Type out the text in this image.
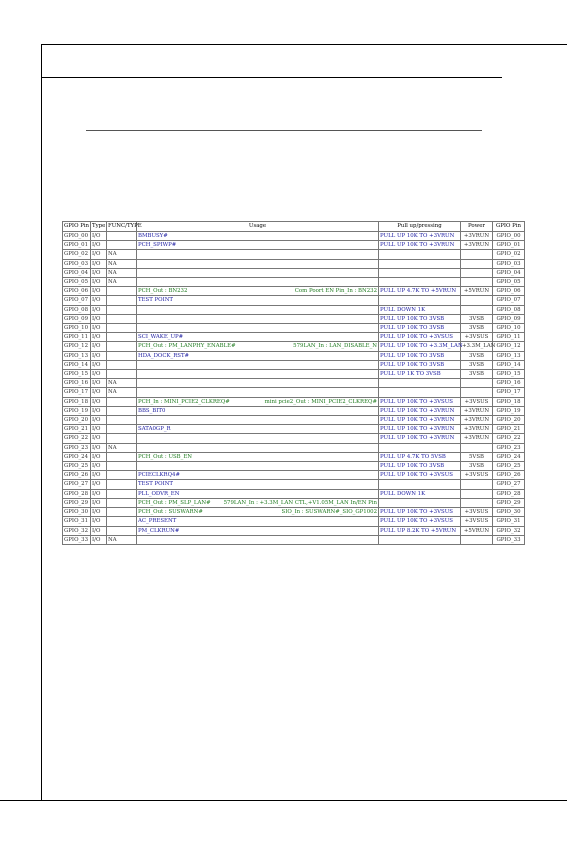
GPIO Pin	Type	FUNC/TYPE	Usage	Pull up/pressing	Power	GPIO Pin
GPIO_00	I/O		BMBUSY#	PULL UP 10K TO +3VRUN	+3VRUN	GPIO_00
GPIO_01	I/O		PCH_SPIWP#	PULL UP 10K TO +3VRUN	+3VRUN	GPIO_01
GPIO_02	I/O	NA				GPIO_02
GPIO_03	I/O	NA				GPIO_03
GPIO_04	I/O	NA				GPIO_04
GPIO_05	I/O	NA				GPIO_05
GPIO_06	I/O		PCH_Out : BN232 Com Poort EN Pin_In : BN232	PULL UP 4.7K TO +5VRUN	+5VRUN	GPIO_06
GPIO_07	I/O		TEST POINT			GPIO_07
GPIO_08	I/O			PULL DOWN 1K		GPIO_08
GPIO_09	I/O			PULL UP 10K TO 3VSB	3VSB	GPIO_09
GPIO_10	I/O			PULL UP 10K TO 3VSB	3VSB	GPIO_10
GPIO_11	I/O		SCI_WAKE_UP#	PULL UP 10K TO +3VSUS	+3VSUS	GPIO_11
GPIO_12	I/O		PCH_Out : PM_LANPHY_ENABLE# 579LAN_In : LAN_DISABLE_N	PULL UP 10K TO +3.3M_LAN	+3.3M_LAN	GPIO_12
GPIO_13	I/O		HDA_DOCK_RST#	PULL UP 10K TO 3VSB	3VSB	GPIO_13
GPIO_14	I/O			PULL UP 10K TO 3VSB	3VSB	GPIO_14
GPIO_15	I/O			PULL UP 1K TO 3VSB	3VSB	GPIO_15
GPIO_16	I/O	NA				GPIO_16
GPIO_17	I/O	NA				GPIO_17
GPIO_18	I/O		PCH_In : MINI_PCIE2_CLKREQ# mini pcie2_Out : MINI_PCIE2_CLKREQ#	PULL UP 10K TO +3VSUS	+3VSUS	GPIO_18
GPIO_19	I/O		BBS_BIT0	PULL UP 10K TO +3VRUN	+3VRUN	GPIO_19
GPIO_20	I/O			PULL UP 10K TO +3VRUN	+3VRUN	GPIO_20
GPIO_21	I/O		SATA0GP_R	PULL UP 10K TO +3VRUN	+3VRUN	GPIO_21
GPIO_22	I/O			PULL UP 10K TO +3VRUN	+3VRUN	GPIO_22
GPIO_23	I/O	NA				GPIO_23
GPIO_24	I/O		PCH_Out : USB_EN	PULL UP 4.7K TO 5VSB	5VSB	GPIO_24
GPIO_25	I/O			PULL UP 10K TO 3VSB	3VSB	GPIO_25
GPIO_26	I/O		PCIECLKRQ4#	PULL UP 10K TO +3VSUS	+3VSUS	GPIO_26
GPIO_27	I/O		TEST POINT			GPIO_27
GPIO_28	I/O		PLL_ODVR_EN	PULL DOWN 1K		GPIO_28
GPIO_29	I/O		PCH_Out : PM_SLP_LAN# 579LAN_In : +3.3M_LAN CTL,+V1.05M_LAN In/EN Pin			GPIO_29
GPIO_30	I/O		PCH_Out : SUSWARN# SIO_In : SUSWARN#_SIO_GP1002	PULL UP 10K TO +3VSUS	+3VSUS	GPIO_30
GPIO_31	I/O		AC_PRESENT	PULL UP 10K TO +3VSUS	+3VSUS	GPIO_31
GPIO_32	I/O		PM_CLKRUN#	PULL UP 8.2K TO +5VRUN	+5VRUN	GPIO_32
GPIO_33	I/O	NA				GPIO_33
